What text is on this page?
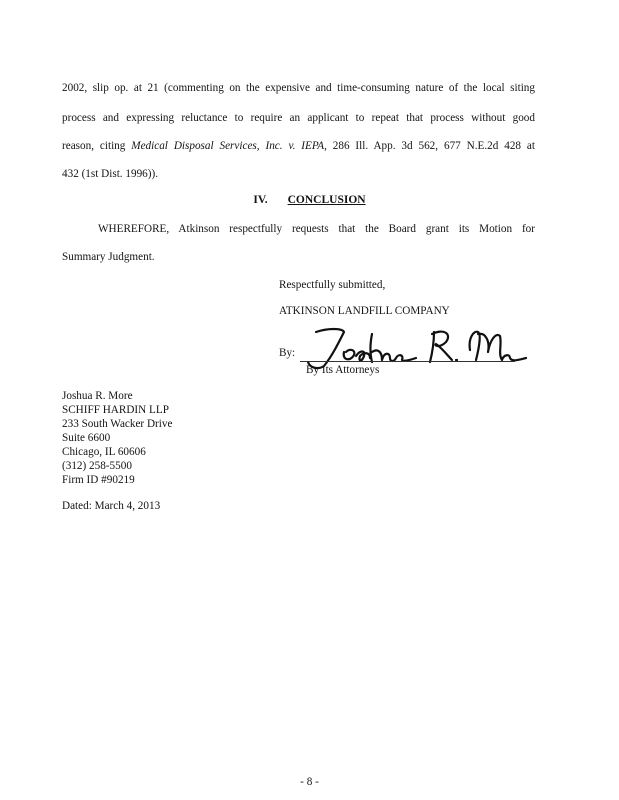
2002, slip op. at 21 (commenting on the expensive and time-consuming nature of the local siting
process and expressing reluctance to require an applicant to repeat that process without good
reason, citing Medical Disposal Services, Inc. v. IEPA, 286 Ill. App. 3d 562, 677 N.E.2d 428 at
432 (1st Dist. 1996)).
IV. CONCLUSION
WHEREFORE, Atkinson respectfully requests that the Board grant its Motion for
Summary Judgment.
Respectfully submitted,
ATKINSON LANDFILL COMPANY
By:
By Its Attorneys
Joshua R. More
SCHIFF HARDIN LLP
233 South Wacker Drive
Suite 6600
Chicago, IL 60606
(312) 258-5500
Firm ID #90219
Dated: March 4, 2013
- 8 -
